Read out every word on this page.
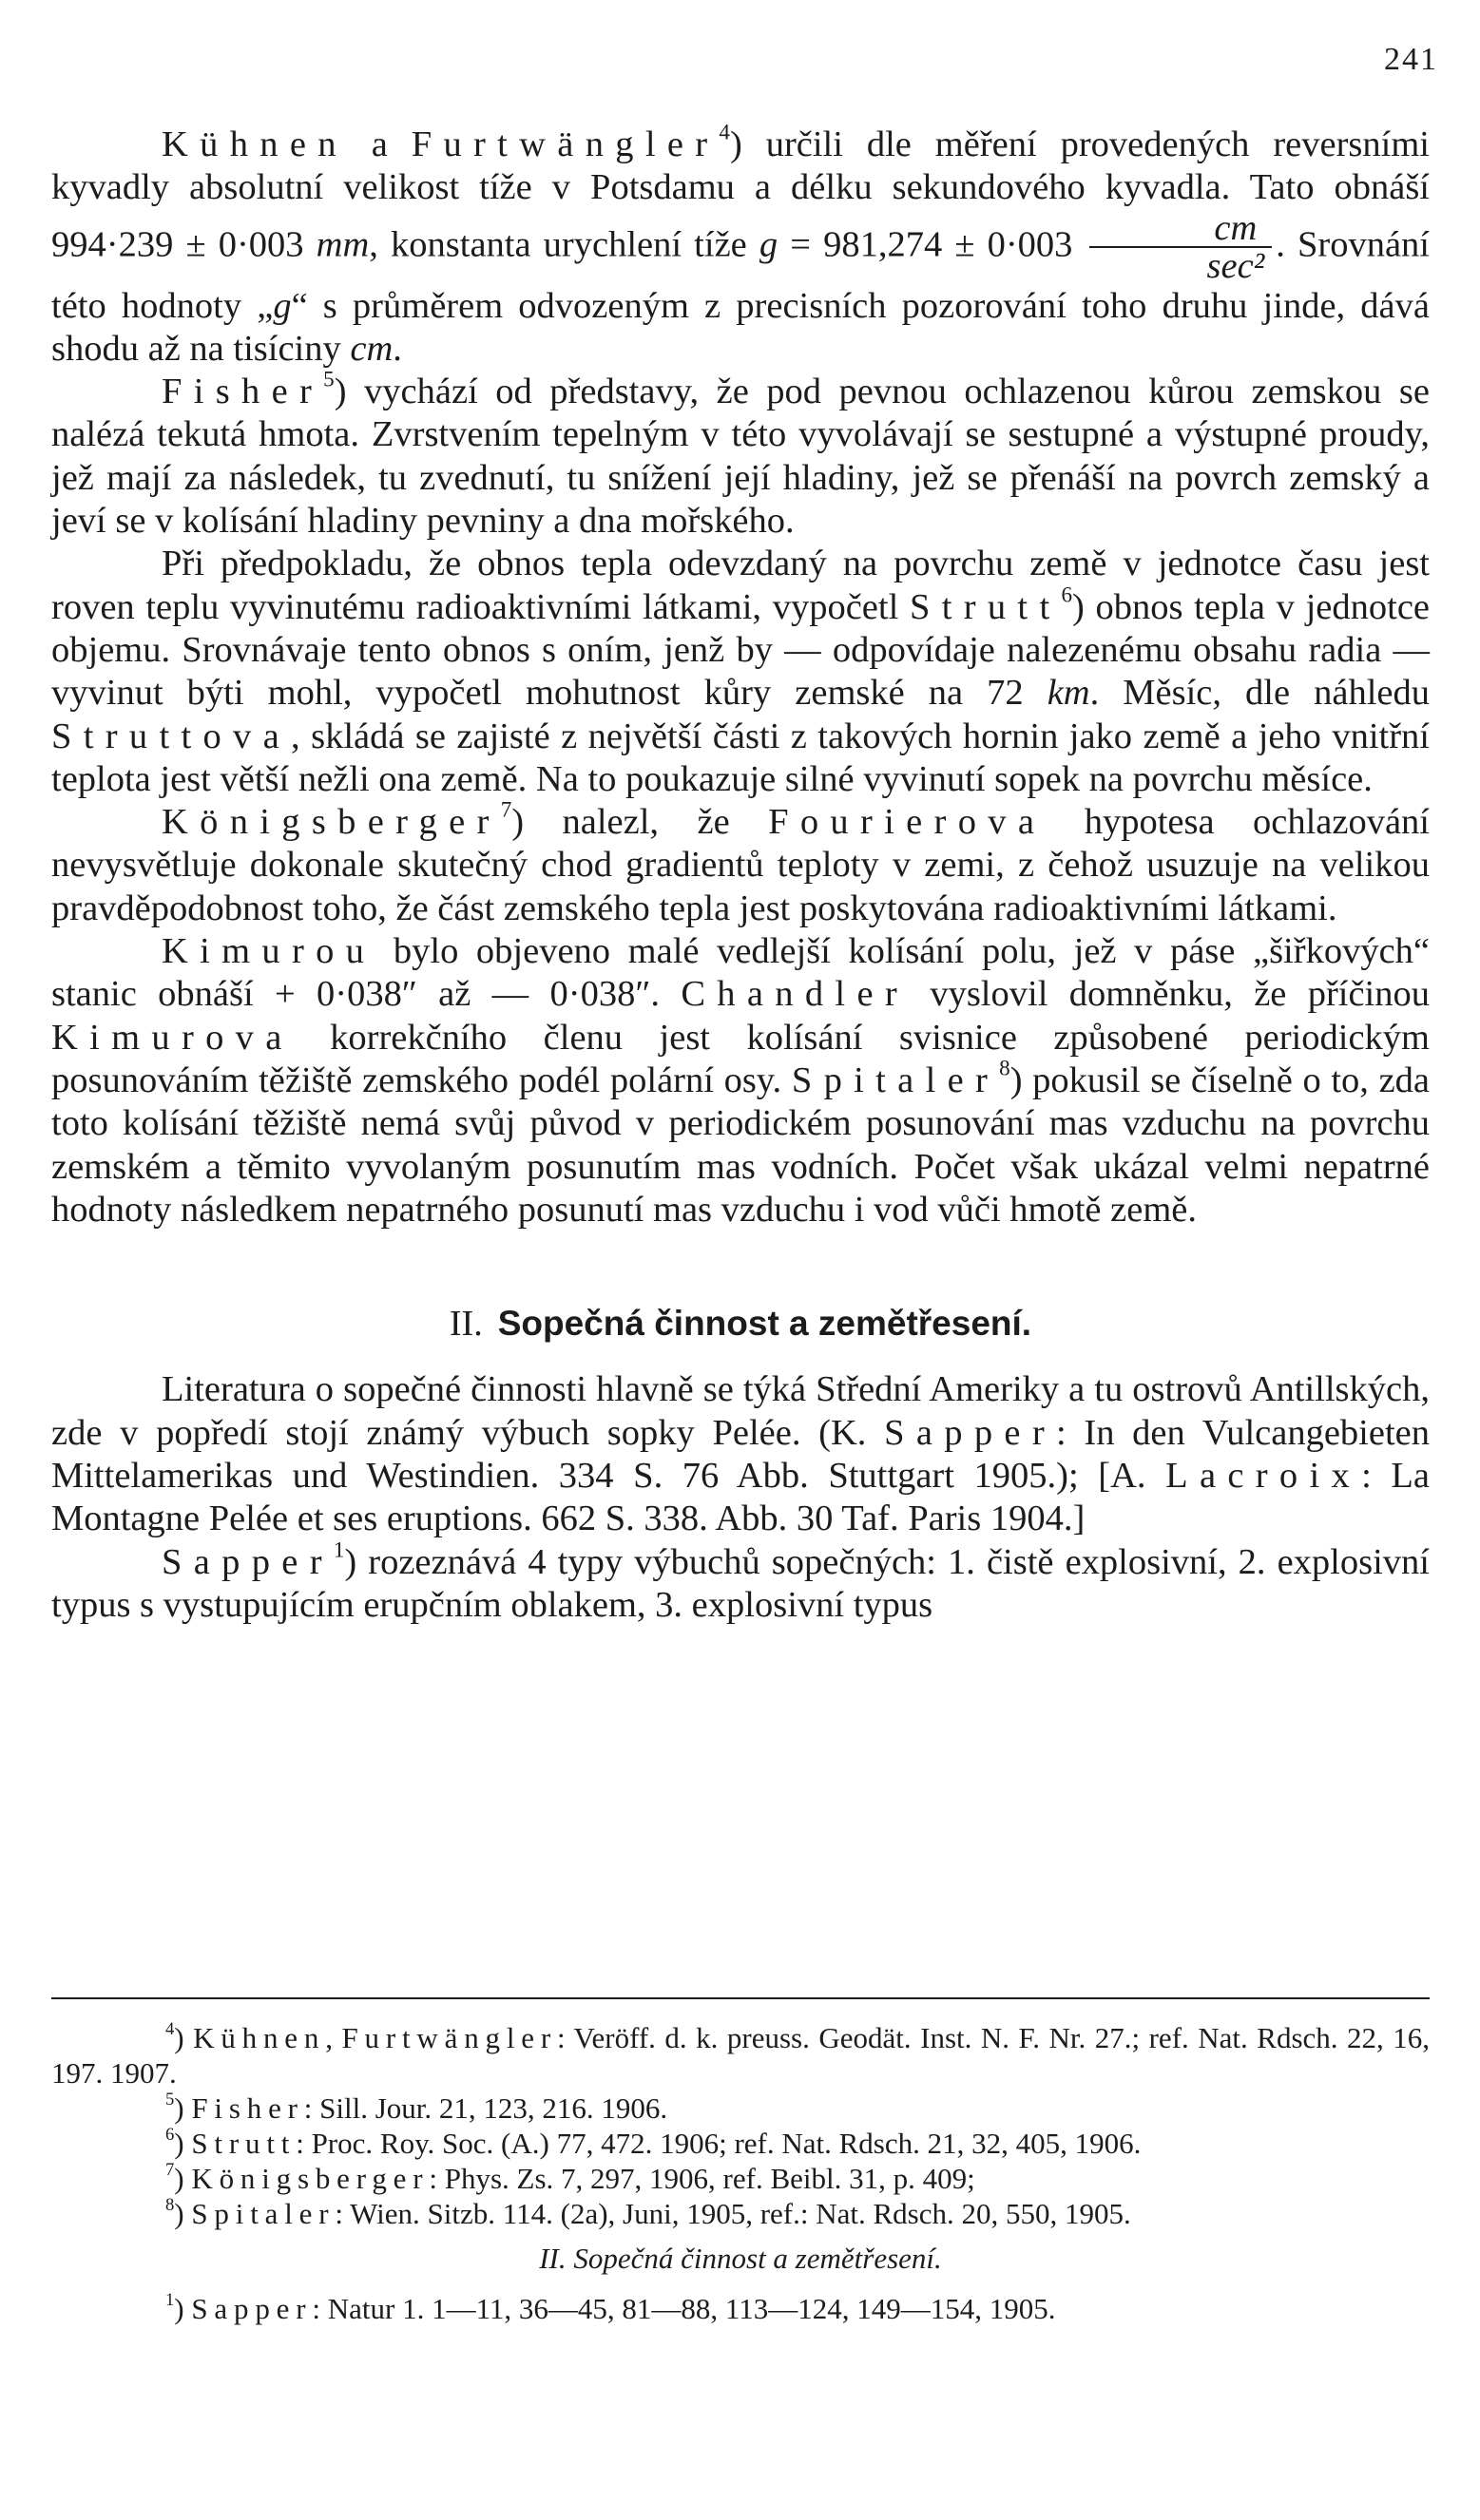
241

Kühnen a Furtwängler$^4$) určili dle měření provedených reversními kyvadly absolutní velikost tíže v Potsdamu a délku sekundového kyvadla. Tato obnáší 994·239 ± 0·003 mm, konstanta urychlení tíže $g = 981,274 \pm 0\cdot 003 \frac{cm}{\text{sec²}}$ . Srovnání této hodnoty „g“ s průměrem odvozeným z precisních pozorování toho druhu jinde, dává shodu až na tisíciny cm.

Fisher$^5$) vychází od představy, že pod pevnou ochlazenou kůrou zemskou se nalézá tekutá hmota. Zvrstvením tepelným v této vyvolávají se sestupné a výstupné proudy, jež mají za následek, tu zvednutí, tu snížení její hladiny, jež se přenáší na povrch zemský a jeví se v kolísání hladiny pevniny a dna mořského.

Při předpokladu, že obnos tepla odevzdaný na povrchu země v jednotce času jest roven teplu vyvinutému radioaktivními látkami, vypočetl Strutt$^6$) obnos tepla v jednotce objemu. Srovnávaje tento obnos s oním, jenž by — odpovídaje nalezenému obsahu radia — vyvinut býti mohl, vypočetl mohutnost kůry zemské na 72 km. Měsíc, dle náhledu Struttova, skládá se zajisté z největší části z takových hornin jako země a jeho vnitřní teplota jest větší nežli ona země. Na to poukazuje silné vyvinutí sopek na povrchu měsíce.

Königsberger$^7$) nalezl, že Fourierova hypotesa ochlazování nevysvětluje dokonale skutečný chod gradientů teploty v zemi, z čehož usuzuje na velikou pravděpodobnost toho, že část zemského tepla jest poskytována radioaktivními látkami.

Kimurou bylo objeveno malé vedlejší kolísání polu, jež v páse „šiřkových“ stanic obnáší + 0·038″ až — 0·038″. Chandler vyslovil domněnku, že příčinou Kimurova korrekčního členu jest kolísání svisnice způsobené periodickým posunováním těžiště zemského podél polární osy. Spitaler$^8$) pokusil se číselně o to, zda toto kolísání těžiště nemá svůj původ v periodickém posunování mas vzduchu na povrchu zemském a těmito vyvolaným posunutím mas vodních. Počet však ukázal velmi nepatrné hodnoty následkem nepatrného posunutí mas vzduchu i vod vůči hmotě země.

II. Sopečná činnost a zemětřesení.

Literatura o sopečné činnosti hlavně se týká Střední Ameriky a tu ostrovů Antillských, zde v popředí stojí známý výbuch sopky Pelée. (K. Sapper: In den Vulcangebieten Mittelamerikas und Westindien. 334 S. 76 Abb. Stuttgart 1905.); [A. Lacroix: La Montagne Pelée et ses eruptions. 662 S. 338. Abb. 30 Taf. Paris 1904.]

Sapper$^1$) rozeznává 4 typy výbuchů sopečných: 1. čistě explosivní, 2. explosivní typus s vystupujícím erupčním oblakem, 3. explosivní typus

$^4$) Kühnen, Furtwängler: Veröff. d. k. preuss. Geodät. Inst. N. F. Nr. 27.; ref. Nat. Rdsch. 22, 16, 197. 1907.

$^5$) Fisher: Sill. Jour. 21, 123, 216. 1906.

$^6$) Strutt: Proc. Roy. Soc. (A.) 77, 472. 1906; ref. Nat. Rdsch. 21, 32, 405, 1906.

$^7$) Königsberger: Phys. Zs. 7, 297, 1906, ref. Beibl. 31, p. 409;

$^8$) Spitaler: Wien. Sitzb. 114. (2a), Juni, 1905, ref.: Nat. Rdsch. 20, 550, 1905.

II. Sopečná činnost a zemětřesení.

$^1$) Sapper: Natur 1. 1—11, 36—45, 81—88, 113—124, 149—154, 1905.
